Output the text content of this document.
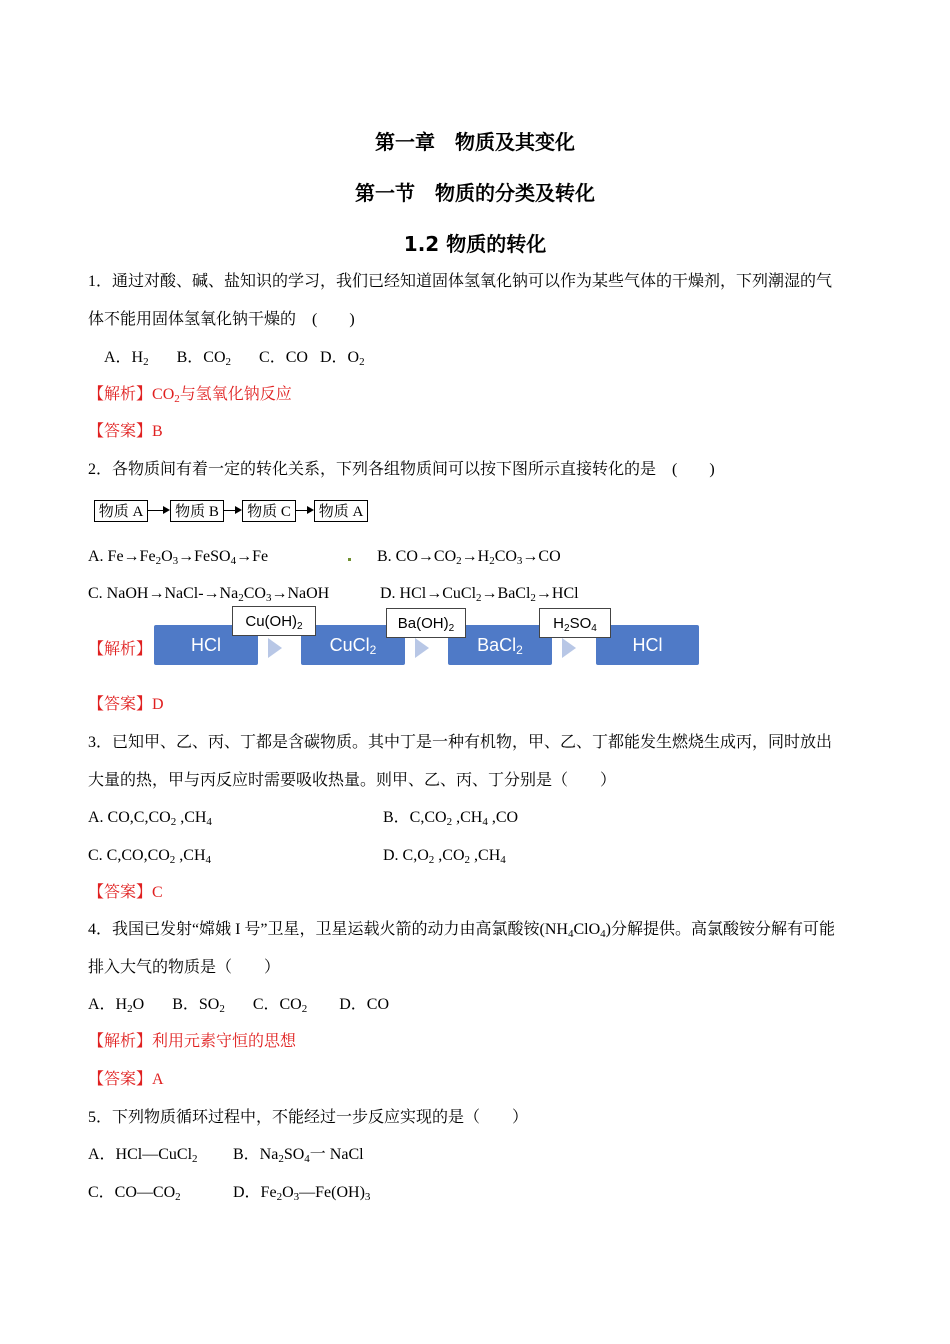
第一章　物质及其变化
第一节　物质的分类及转化
1.2 物质的转化
1．通过对酸、碱、盐知识的学习，我们已经知道固体氢氧化钠可以作为某些气体的干燥剂，下列潮湿的气
体不能用固体氢氧化钠干燥的　(　　)
A．$H_2$ B．$CO_2$ C．CO D．$O_2$
【解析】$CO_2$与氢氧化钠反应
【答案】B
2．各物质间有着一定的转化关系，下列各组物质间可以按下图所示直接转化的是　(　　)
物质 A	物质 B	物质 C	物质 A
A. $Fe\to Fe_2O_3\to FeSO_4\to Fe$	B. $CO\to CO_2\to H_2CO_3\to CO$
C. $NaOH\to NaCl-\to Na_2CO_3\to NaOH$	D. HCl→CuCl$_2$→BaCl$_2$→HCl
【解析】	HCl	CuCl$_2$	BaCl$_2$	HCl
$Cu(OH)_2$	$Ba(OH)_2$	$H_2SO_4$
【答案】D
3．已知甲、乙、丙、丁都是含碳物质。其中丁是一种有机物，甲、乙、丁都能发生燃烧生成丙，同时放出
大量的热，甲与丙反应时需要吸收热量。则甲、乙、丙、丁分别是（　　）
A. $CO,C,CO_2$ $,CH_4$	B．$C,CO_2$ $,CH_4$ ,CO
C. $C,CO,CO_2$ $,CH_4$	D. $C,O_2$ $,CO_2$ $,CH_4$
【答案】C
4．我国已发射“嫦娥 I 号”卫星，卫星运载火箭的动力由高氯酸铵$(NH_4ClO_4)$分解提供。高氯酸铵分解有可能
排入大气的物质是（　　）
A．$H_2O$ B．$SO_2$ C．$CO_2$ D．CO
【解析】利用元素守恒的思想
【答案】A
5．下列物质循环过程中，不能经过一步反应实现的是（　　）
A．HCl—CuCl$_2$ B．$Na_2SO_4$一 NaCl
C．$CO—CO_2$	D．$Fe_2O_3—Fe(OH)_3$
